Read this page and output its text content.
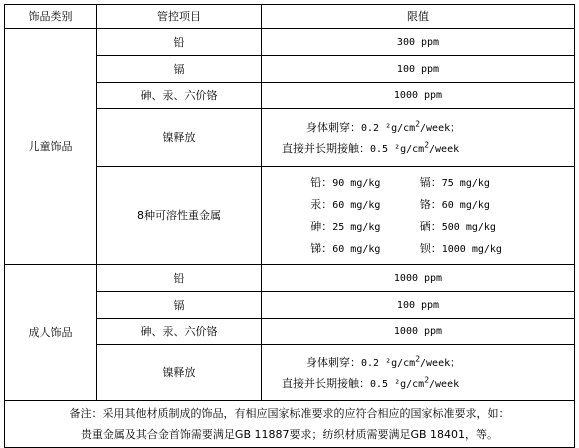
饰品类别	管控项目	限值
儿童饰品	铅	300 ppm
	镉	100 ppm
	砷、汞、六价铬	1000 ppm
	镍释放	身体刺穿：0.2 $^2g/cm^2$/week；
直接并长期接触：0.5 $^2g/cm^2$/week

	8种可溶性重金属	铅：90 mg/kg 镉：75 mg/kg
汞：60 mg/kg 铬：60 mg/kg
砷：25 mg/kg 硒：500 mg/kg
锑：60 mg/kg 钡：1000 mg/kg

成人饰品	铅	1000 ppm
	镉	100 ppm
	砷、汞、六价铬	1000 ppm
	镍释放	身体刺穿：0.2 $^2g/cm^2$/week；
直接并长期接触：0.5 $^2g/cm^2$/week

备注：采用其他材质制成的饰品，有相应国家标准要求的应符合相应的国家标准要求，如：
贵重金属及其合金首饰需要满足GB 11887要求；纺织材质需要满足GB 18401，等。		
